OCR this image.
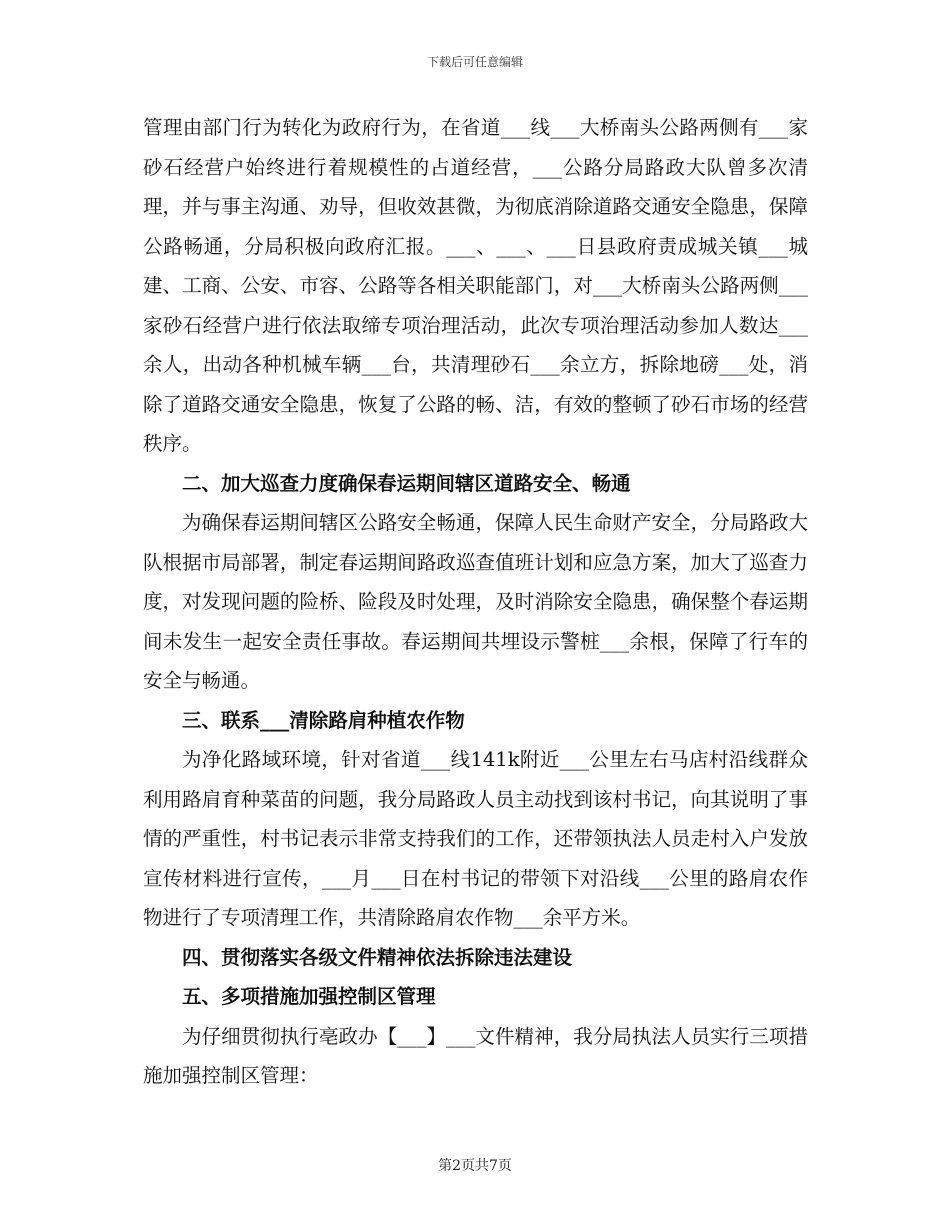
下载后可任意编辑

管理由部门行为转化为政府行为，在省道___线___大桥南头公路两侧有___家砂石经营户始终进行着规模性的占道经营，___公路分局路政大队曾多次清理，并与事主沟通、劝导，但收效甚微，为彻底消除道路交通安全隐患，保障公路畅通，分局积极向政府汇报。___、___、___日县政府责成城关镇___城建、工商、公安、市容、公路等各相关职能部门，对___大桥南头公路两侧___家砂石经营户进行依法取缔专项治理活动，此次专项治理活动参加人数达___余人，出动各种机械车辆___台，共清理砂石___余立方，拆除地磅___处，消除了道路交通安全隐患，恢复了公路的畅、洁，有效的整顿了砂石市场的经营秩序。

二、加大巡查力度确保春运期间辖区道路安全、畅通

为确保春运期间辖区公路安全畅通，保障人民生命财产安全，分局路政大队根据市局部署，制定春运期间路政巡查值班计划和应急方案，加大了巡查力度，对发现问题的险桥、险段及时处理，及时消除安全隐患，确保整个春运期间未发生一起安全责任事故。春运期间共埋设示警桩___余根，保障了行车的安全与畅通。

三、联系___清除路肩种植农作物

为净化路域环境，针对省道___线141k附近___公里左右马店村沿线群众利用路肩育种菜苗的问题，我分局路政人员主动找到该村书记，向其说明了事情的严重性，村书记表示非常支持我们的工作，还带领执法人员走村入户发放宣传材料进行宣传，___月___日在村书记的带领下对沿线___公里的路肩农作物进行了专项清理工作，共清除路肩农作物___余平方米。

四、贯彻落实各级文件精神依法拆除违法建设

五、多项措施加强控制区管理

为仔细贯彻执行亳政办【___】___文件精神，我分局执法人员实行三项措施加强控制区管理：

第2页共7页
